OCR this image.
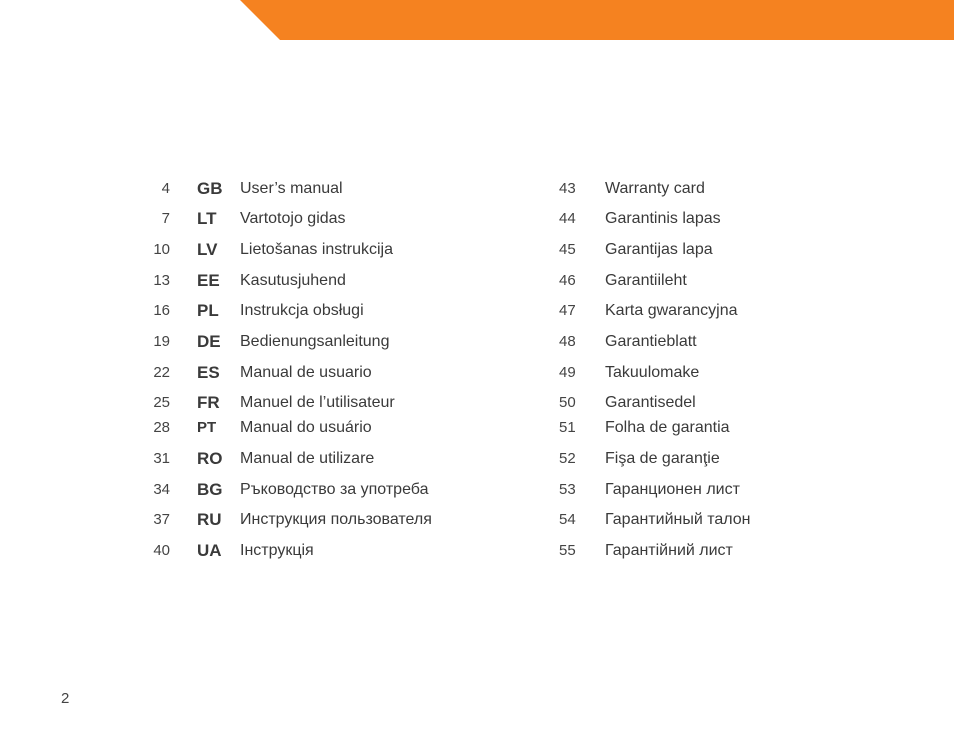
4 GB User’s manual
7 LT Vartotojo gidas
10 LV Lietošanas instrukcija
13 EE Kasutusjuhend
16 PL Instrukcja obsługi
19 DE Bedienungsanleitung
22 ES Manual de usuario
25 FR Manuel de l’utilisateur
28 PT Manual do usuário
31 RO Manual de utilizare
34 BG Ръководство за употреба
37 RU Инструкция пользователя
40 UA Інструкція
43 Warranty card
44 Garantinis lapas
45 Garantijas lapa
46 Garantiileht
47 Karta gwarancyjna
48 Garantieblatt
49 Takuulomake
50 Garantisedel
51 Folha de garantia
52 Fişa de garanţie
53 Гаранционен лист
54 Гарантийный талон
55 Гарантійний лист
2
